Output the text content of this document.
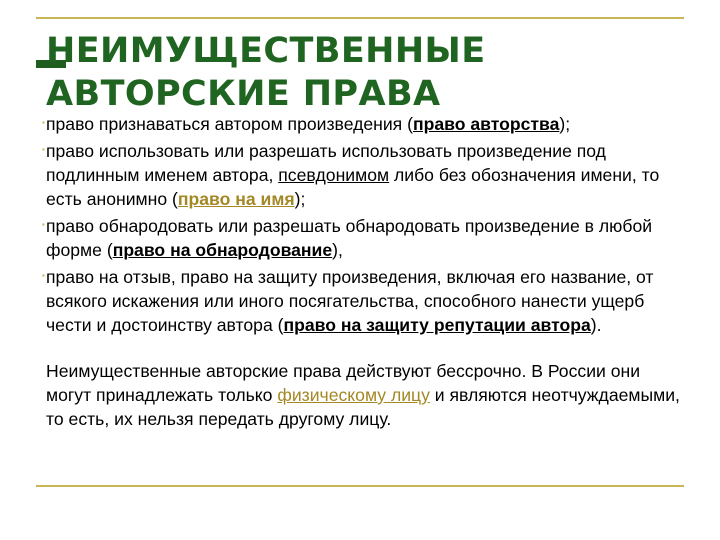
НЕИМУЩЕСТВЕННЫЕ
АВТОРСКИЕ ПРАВА
▪ право признаваться автором произведения (право авторства);
▪ право использовать или разрешать использовать произведение под подлинным именем автора, псевдонимом либо без обозначения имени, то есть анонимно (право на имя);
▪ право обнародовать или разрешать обнародовать произведение в любой форме (право на обнародование),
▪ право на отзыв, право на защиту произведения, включая его название, от всякого искажения или иного посягательства, способного нанести ущерб чести и достоинству автора (право на защиту репутации автора).

Неимущественные авторские права действуют бессрочно. В России они могут принадлежать только физическому лицу и являются неотчуждаемыми, то есть, их нельзя передать другому лицу.
